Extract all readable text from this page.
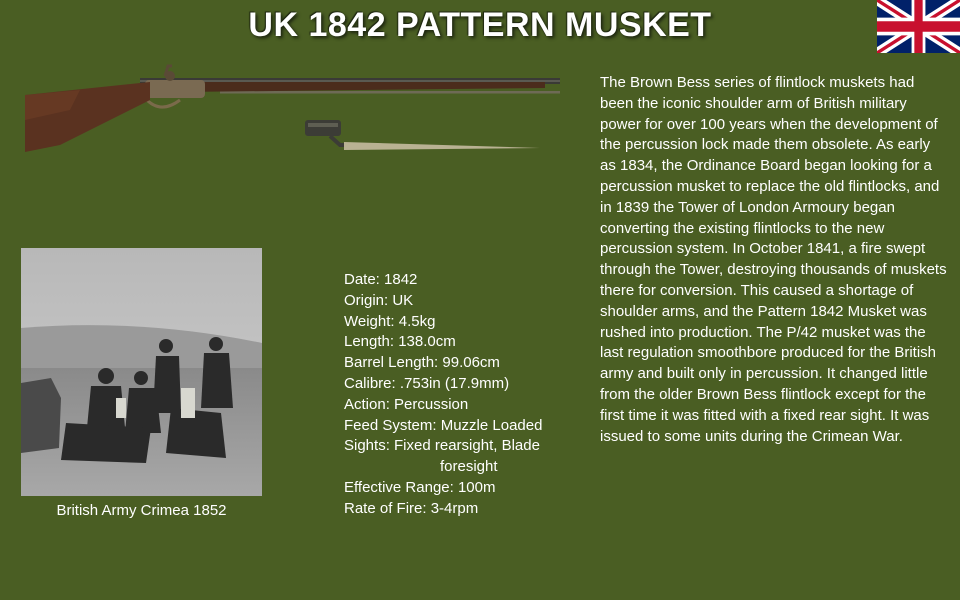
UK 1842 PATTERN MUSKET
British Army Crimea 1852
Date: 1842
Origin: UK
Weight: 4.5kg
Length: 138.0cm
Barrel Length: 99.06cm
Calibre: .753in (17.9mm)
Action: Percussion
Feed System: Muzzle Loaded
Sights: Fixed rearsight, Blade
foresight
Effective Range: 100m
Rate of Fire: 3-4rpm

The Brown Bess series of flintlock muskets had been the iconic shoulder arm of British military power for over 100 years when the development of the percussion lock made them obsolete. As early as 1834, the Ordinance Board began looking for a percussion musket to replace the old flintlocks, and in 1839 the Tower of London Armoury began converting the existing flintlocks to the new percussion system. In October 1841, a fire swept through the Tower, destroying thousands of muskets there for conversion. This caused a shortage of shoulder arms, and the Pattern 1842 Musket was rushed into production. The P/42 musket was the last regulation smoothbore produced for the British army and built only in percussion. It changed little from the older Brown Bess flintlock except for the first time it was fitted with a fixed rear sight. It was issued to some units during the Crimean War.
